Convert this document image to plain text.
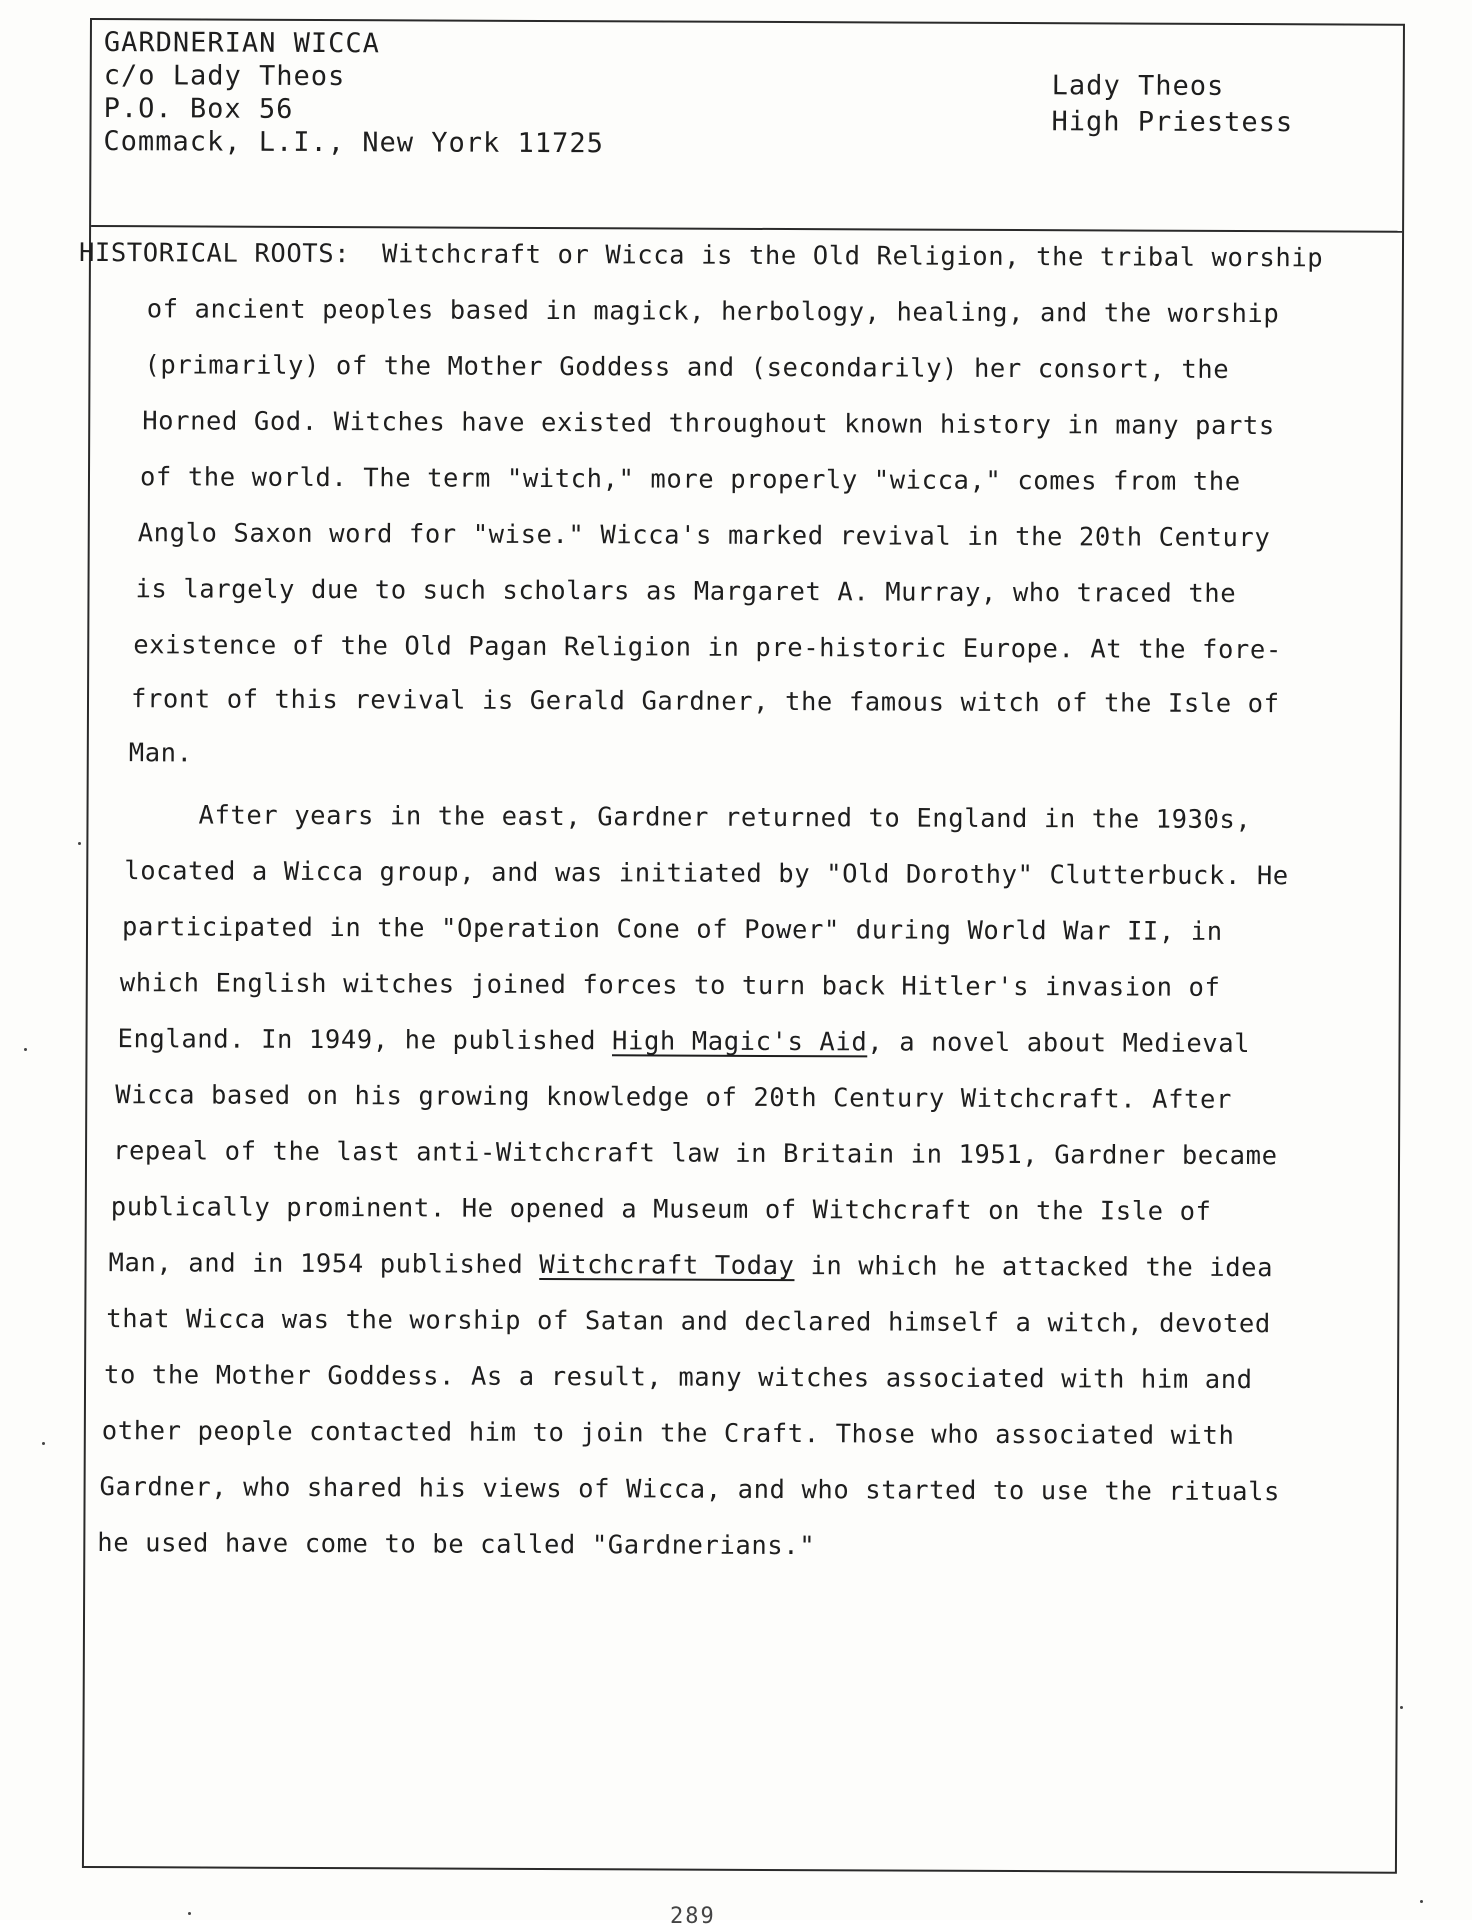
GARDNERIAN WICCA
c/o Lady Theos
P.O. Box 56
Commack, L.I., New York 11725
Lady Theos
High Priestess
HISTORICAL ROOTS: Witchcraft or Wicca is the Old Religion, the tribal worship
of ancient peoples based in magick, herbology, healing, and the worship
(primarily) of the Mother Goddess and (secondarily) her consort, the
Horned God. Witches have existed throughout known history in many parts
of the world. The term "witch," more properly "wicca," comes from the
Anglo Saxon word for "wise." Wicca's marked revival in the 20th Century
is largely due to such scholars as Margaret A. Murray, who traced the
existence of the Old Pagan Religion in pre-historic Europe. At the fore-
front of this revival is Gerald Gardner, the famous witch of the Isle of
Man.
After years in the east, Gardner returned to England in the 1930s,
located a Wicca group, and was initiated by "Old Dorothy" Clutterbuck. He
participated in the "Operation Cone of Power" during World War II, in
which English witches joined forces to turn back Hitler's invasion of
England. In 1949, he published High Magic's Aid, a novel about Medieval
Wicca based on his growing knowledge of 20th Century Witchcraft. After
repeal of the last anti-Witchcraft law in Britain in 1951, Gardner became
publically prominent. He opened a Museum of Witchcraft on the Isle of
Man, and in 1954 published Witchcraft Today in which he attacked the idea
that Wicca was the worship of Satan and declared himself a witch, devoted
to the Mother Goddess. As a result, many witches associated with him and
other people contacted him to join the Craft. Those who associated with
Gardner, who shared his views of Wicca, and who started to use the rituals
he used have come to be called "Gardnerians."
289
